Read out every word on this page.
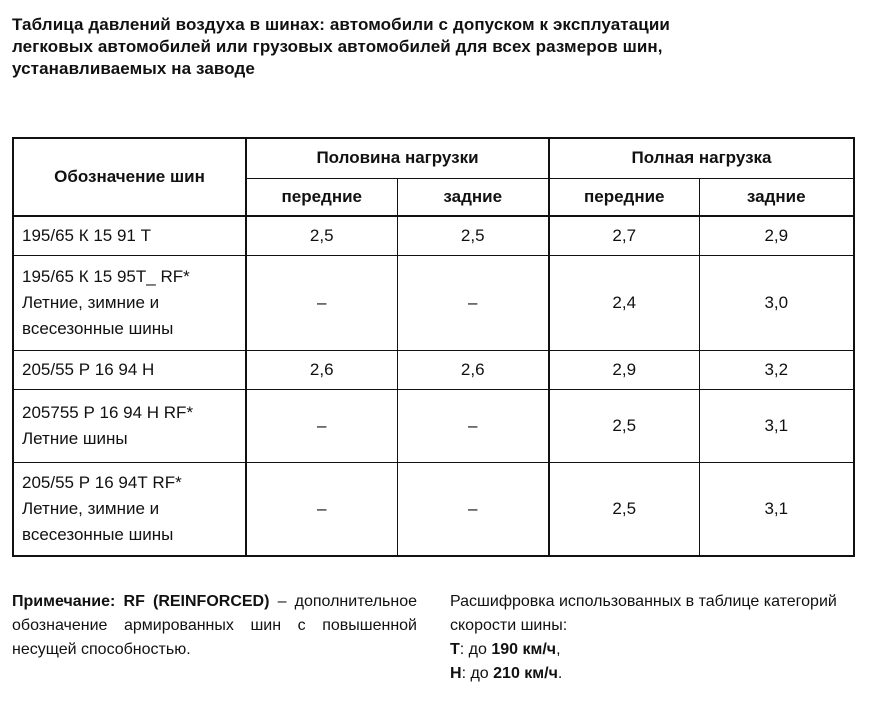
Таблица давлений воздуха в шинах: автомобили с допуском к эксплуатации
легковых автомобилей или грузовых автомобилей для всех размеров шин,
устанавливаемых на заводе
Обозначение шин	Половина нагрузки		Полная нагрузка	
	передние	задние	передние	задние

195/65 К 15 91 Т	2,5	2,5	2,7	2,9

195/65 К 15 95Т_ RF*
Летние, зимние и всесезонные шины	–	–	2,4	3,0

205/55 Р 16 94 Н	2,6	2,6	2,9	3,2

205755 Р 16 94 Н RF*
Летние шины	–	–	2,5	3,1

205/55 Р 16 94Т RF*
Летние, зимние и всесезонные шины	–	–	2,5	3,1
Примечание: RF (REINFORCED) – дополнительное обозначение армированных шин с повышенной несущей способностью.
Расшифровка использованных в таблице категорий скорости шины:
Т: до 190 км/ч,
Н: до 210 км/ч.
